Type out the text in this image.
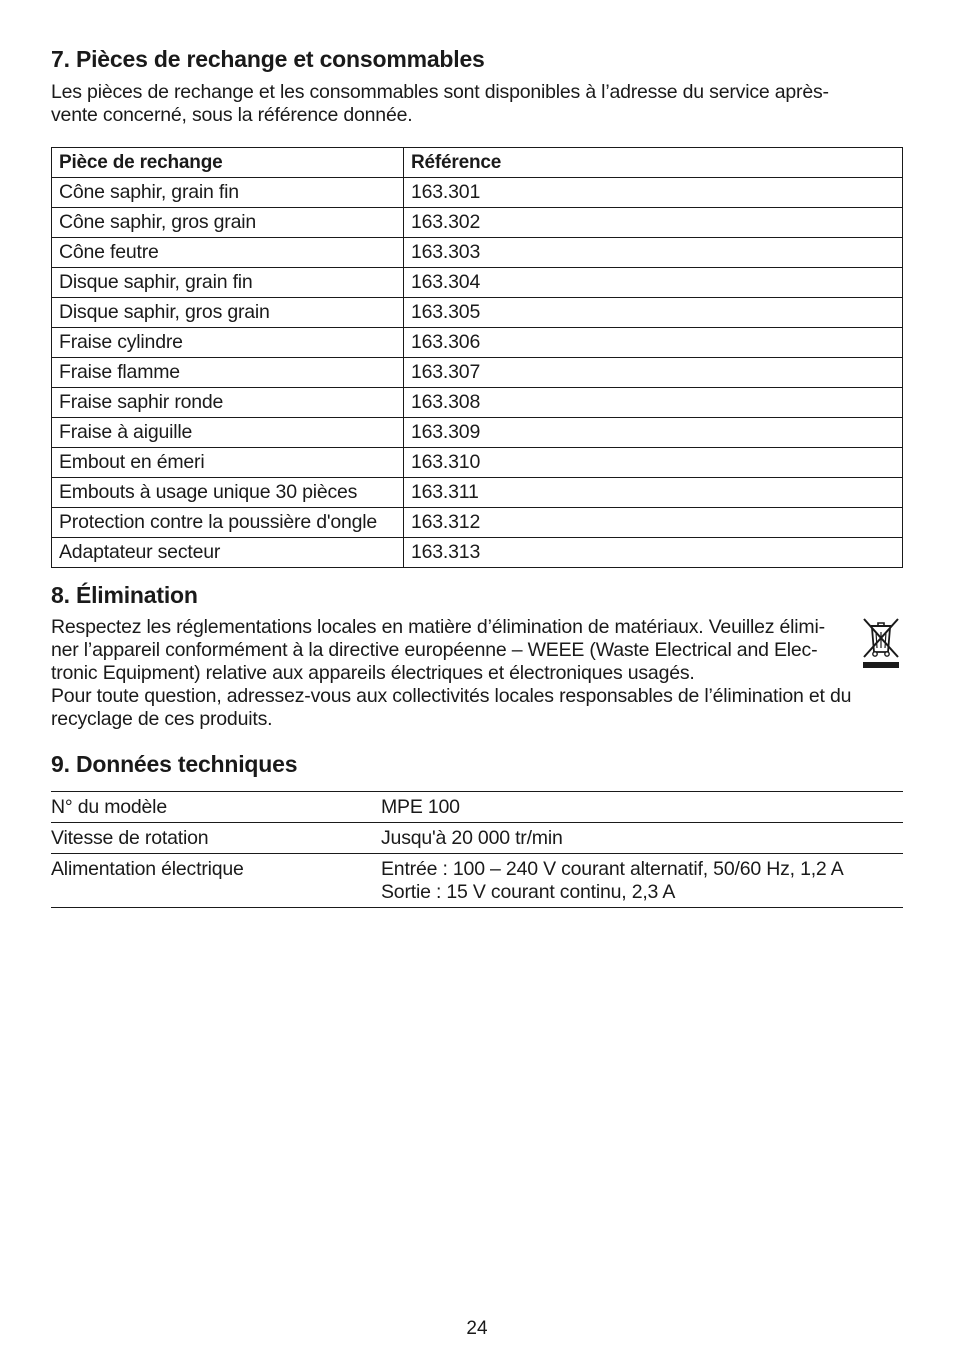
7. Pièces de rechange et consommables

Les pièces de rechange et les consommables sont disponibles à l’adresse du service après-

vente concerné, sous la référence donnée.

Pièce de rechange	Référence
Cône saphir, grain fin	163.301
Cône saphir, gros grain	163.302
Cône feutre	163.303
Disque saphir, grain fin	163.304
Disque saphir, gros grain	163.305
Fraise cylindre	163.306
Fraise flamme	163.307
Fraise saphir ronde	163.308
Fraise à aiguille	163.309
Embout en émeri	163.310
Embouts à usage unique 30 pièces	163.311
Protection contre la poussière d'ongle	163.312
Adaptateur secteur	163.313
8. Élimination

Respectez les réglementations locales en matière d’élimination de matériaux. Veuillez élimi-

ner l’appareil conformément à la directive européenne – WEEE (Waste Electrical and Elec-

tronic Equipment) relative aux appareils électriques et électroniques usagés.

Pour toute question, adressez-vous aux collectivités locales responsables de l’élimination et du

recyclage de ces produits.

9. Données techniques
N° du modèle	MPE 100

Vitesse de rotation	Jusqu'à 20 000 tr/min

Alimentation électrique	Entrée : 100 – 240 V courant alternatif, 50/60 Hz, 1,2 A
Sortie : 15 V courant continu, 2,3 A
24
